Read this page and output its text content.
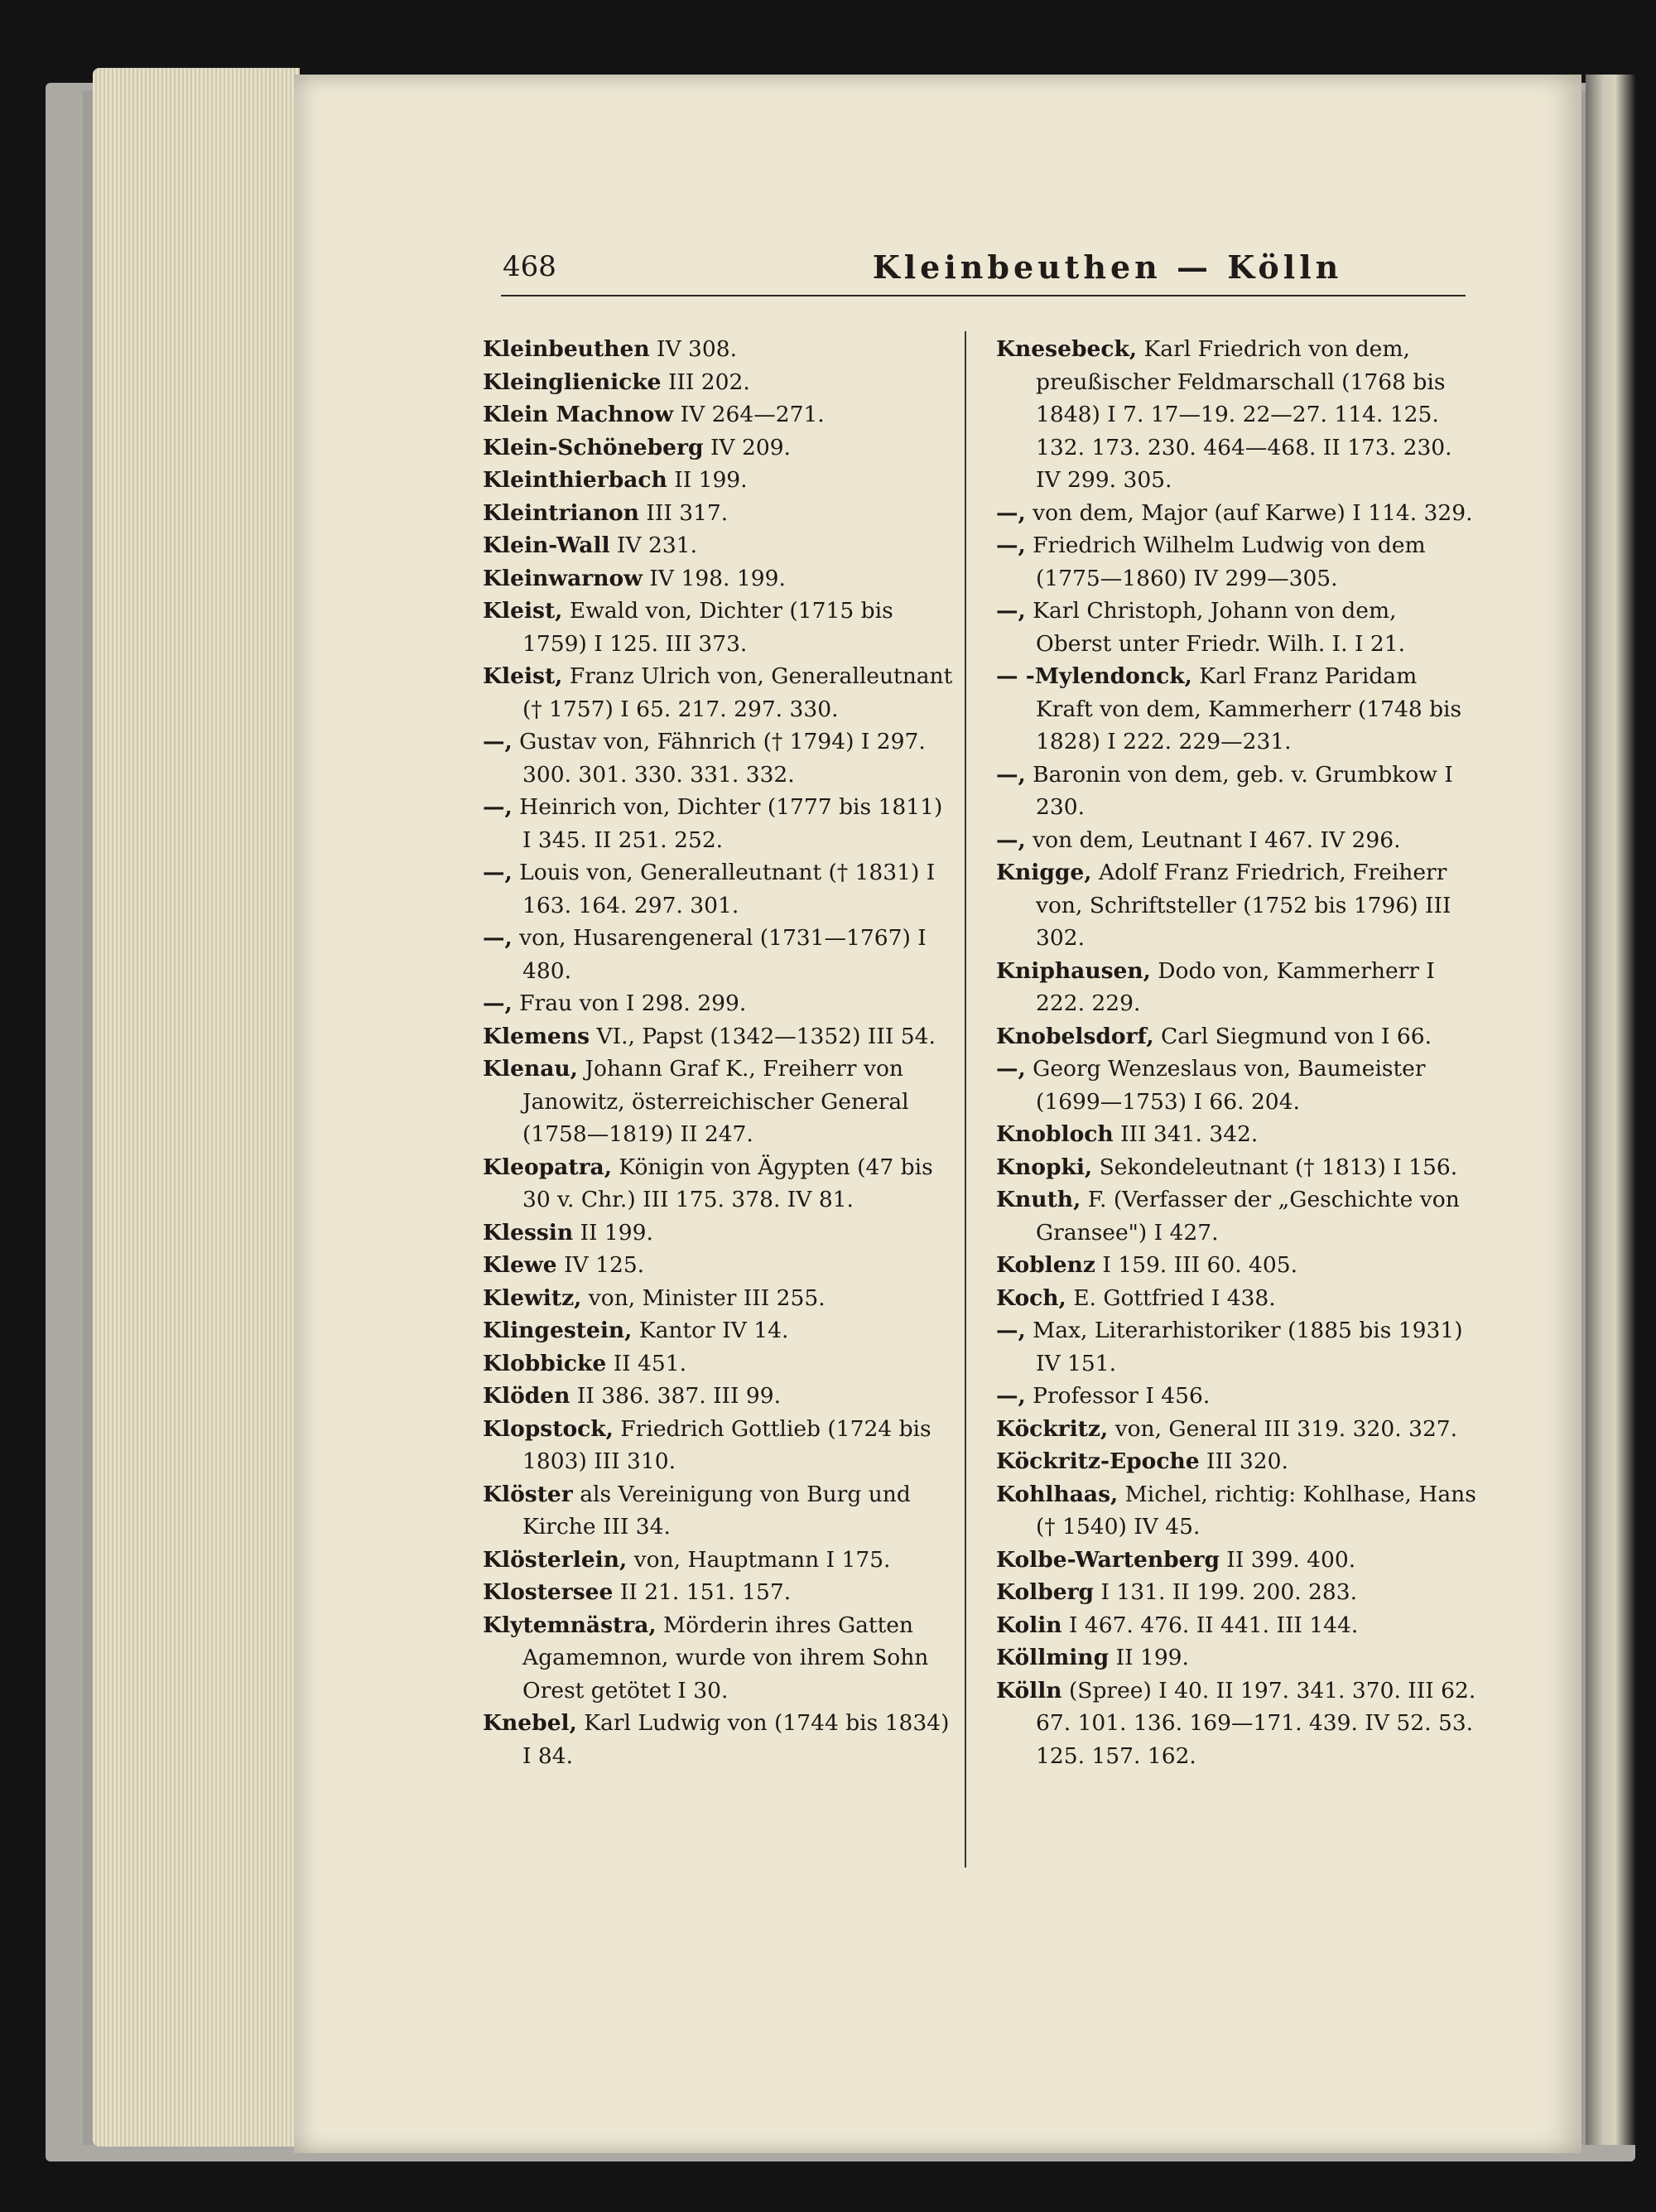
468	Kleinbeuthen — Kölln
Kleinbeuthen IV 308.
Kleinglienicke III 202.
Klein Machnow IV 264—271.
Klein-Schöneberg IV 209.
Kleinthierbach II 199.
Kleintrianon III 317.
Klein-Wall IV 231.
Kleinwarnow IV 198. 199.
Kleist, Ewald von, Dichter (1715 bis 1759) I 125. III 373.
Kleist, Franz Ulrich von, Generalleutnant († 1757) I 65. 217. 297. 330.
—, Gustav von, Fähnrich († 1794) I 297. 300. 301. 330. 331. 332.
—, Heinrich von, Dichter (1777 bis 1811) I 345. II 251. 252.
—, Louis von, Generalleutnant († 1831) I 163. 164. 297. 301.
—, von, Husarengeneral (1731—1767) I 480.
—, Frau von I 298. 299.
Klemens VI., Papst (1342—1352) III 54.
Klenau, Johann Graf K., Freiherr von Janowitz, österreichischer General (1758—1819) II 247.
Kleopatra, Königin von Ägypten (47 bis 30 v. Chr.) III 175. 378. IV 81.
Klessin II 199.
Klewe IV 125.
Klewitz, von, Minister III 255.
Klingestein, Kantor IV 14.
Klobbicke II 451.
Klöden II 386. 387. III 99.
Klopstock, Friedrich Gottlieb (1724 bis 1803) III 310.
Klöster als Vereinigung von Burg und Kirche III 34.
Klösterlein, von, Hauptmann I 175.
Klostersee II 21. 151. 157.
Klytemnästra, Mörderin ihres Gatten Agamemnon, wurde von ihrem Sohn Orest getötet I 30.
Knebel, Karl Ludwig von (1744 bis 1834) I 84.
Knesebeck, Karl Friedrich von dem, preußischer Feldmarschall (1768 bis 1848) I 7. 17—19. 22—27. 114. 125. 132. 173. 230. 464—468. II 173. 230. IV 299. 305.
—, von dem, Major (auf Karwe) I 114. 329.
—, Friedrich Wilhelm Ludwig von dem (1775—1860) IV 299—305.
—, Karl Christoph, Johann von dem, Oberst unter Friedr. Wilh. I. I 21.
— -Mylendonck, Karl Franz Paridam Kraft von dem, Kammerherr (1748 bis 1828) I 222. 229—231.
—, Baronin von dem, geb. v. Grumbkow I 230.
—, von dem, Leutnant I 467. IV 296.
Knigge, Adolf Franz Friedrich, Freiherr von, Schriftsteller (1752 bis 1796) III 302.
Kniphausen, Dodo von, Kammerherr I 222. 229.
Knobelsdorf, Carl Siegmund von I 66.
—, Georg Wenzeslaus von, Baumeister (1699—1753) I 66. 204.
Knobloch III 341. 342.
Knopki, Sekondeleutnant († 1813) I 156.
Knuth, F. (Verfasser der „Geschichte von Gransee") I 427.
Koblenz I 159. III 60. 405.
Koch, E. Gottfried I 438.
—, Max, Literarhistoriker (1885 bis 1931) IV 151.
—, Professor I 456.
Köckritz, von, General III 319. 320. 327.
Köckritz-Epoche III 320.
Kohlhaas, Michel, richtig: Kohlhase, Hans († 1540) IV 45.
Kolbe-Wartenberg II 399. 400.
Kolberg I 131. II 199. 200. 283.
Kolin I 467. 476. II 441. III 144.
Köllming II 199.
Kölln (Spree) I 40. II 197. 341. 370. III 62. 67. 101. 136. 169—171. 439. IV 52. 53. 125. 157. 162.
